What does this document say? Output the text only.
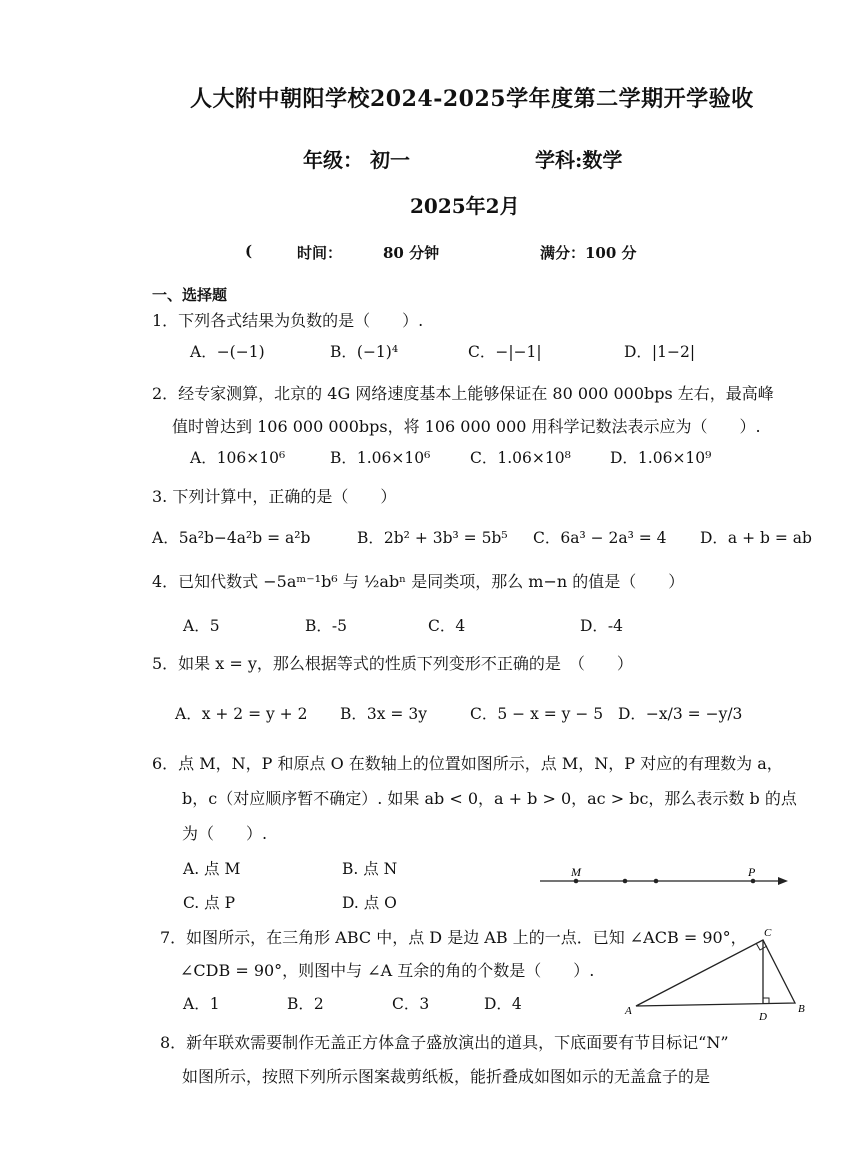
人大附中朝阳学校2024-2025学年度第二学期开学验收
年级： 初一	学科:数学
2025年2月
(	时间：	80 分钟	满分：100 分
一、选择题
1．下列各式结果为负数的是（　　）.
A．−(−1)	B．(−1)⁴	C．−|−1|	D．|1−2|
2．经专家测算，北京的 4G 网络速度基本上能够保证在 80 000 000bps 左右，最高峰
值时曾达到 106 000 000bps，将 106 000 000 用科学记数法表示应为（　　）.
A．106×10⁶	B．1.06×10⁶	C．1.06×10⁸	D．1.06×10⁹
3. 下列计算中，正确的是（　　）
A．5a²b−4a²b = a²b	B．2b² + 3b³ = 5b⁵ C．6a³ − 2a³ = 4 D．a + b = ab
4．已知代数式 −5aᵐ⁻¹b⁶ 与 ½abⁿ 是同类项，那么 m−n 的值是（　　）
A．5	B．-5	C．4	D．-4
5．如果 x = y，那么根据等式的性质下列变形不正确的是　（　　）
A．x + 2 = y + 2 B．3x = 3y	C．5 − x = y − 5 D．−x/3 = −y/3
6．点 M，N，P 和原点 O 在数轴上的位置如图所示，点 M，N，P 对应的有理数为 a，
b，c（对应顺序暂不确定）. 如果 ab < 0，a + b > 0，ac > bc，那么表示数 b 的点
为（　　）.
A. 点 M	B. 点 N
C. 点 P	D. 点 O
M	P
7．如图所示，在三角形 ABC 中，点 D 是边 AB 上的一点．已知 ∠ACB = 90°，
∠CDB = 90°，则图中与 ∠A 互余的角的个数是（　　）.
A．1	B．2	C．3	D．4	A	B
C
D
8．新年联欢需要制作无盖正方体盒子盛放演出的道具，下底面要有节目标记“N”
如图所示，按照下列所示图案裁剪纸板，能折叠成如图如示的无盖盒子的是
